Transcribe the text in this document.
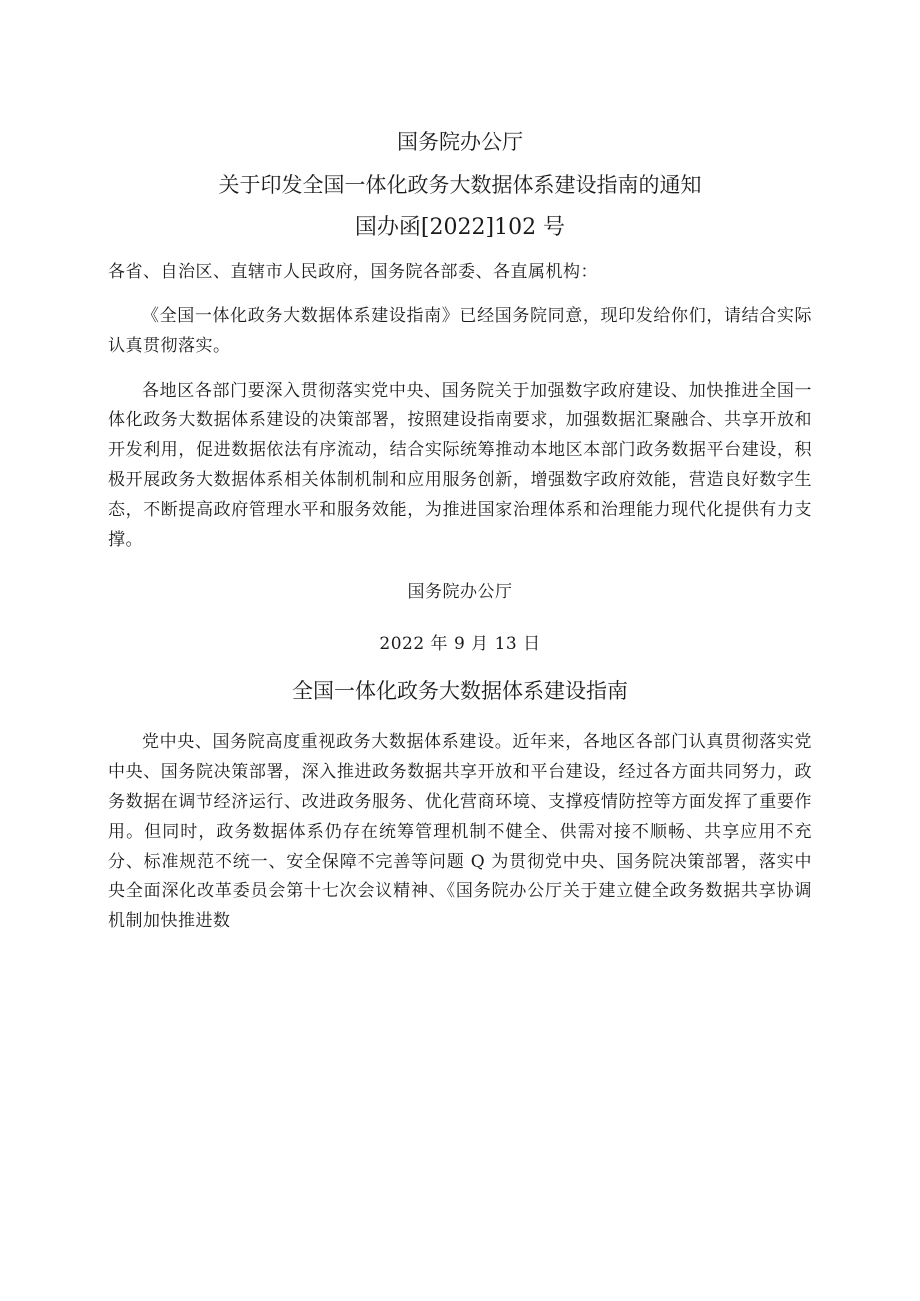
国务院办公厅
关于印发全国一体化政务大数据体系建设指南的通知
国办函[2022]102 号

各省、自治区、直辖市人民政府，国务院各部委、各直属机构：

《全国一体化政务大数据体系建设指南》已经国务院同意，现印发给你们，请结合实际认真贯彻落实。

各地区各部门要深入贯彻落实党中央、国务院关于加强数字政府建设、加快推进全国一体化政务大数据体系建设的决策部署，按照建设指南要求，加强数据汇聚融合、共享开放和开发利用，促进数据依法有序流动，结合实际统筹推动本地区本部门政务数据平台建设，积极开展政务大数据体系相关体制机制和应用服务创新，增强数字政府效能，营造良好数字生态，不断提高政府管理水平和服务效能，为推进国家治理体系和治理能力现代化提供有力支撑。

国务院办公厅

2022 年 9 月 13 日

全国一体化政务大数据体系建设指南

党中央、国务院高度重视政务大数据体系建设。近年来，各地区各部门认真贯彻落实党中央、国务院决策部署，深入推进政务数据共享开放和平台建设，经过各方面共同努力，政务数据在调节经济运行、改进政务服务、优化营商环境、支撑疫情防控等方面发挥了重要作用。但同时，政务数据体系仍存在统筹管理机制不健全、供需对接不顺畅、共享应用不充分、标准规范不统一、安全保障不完善等问题 Q 为贯彻党中央、国务院决策部署，落实中央全面深化改革委员会第十七次会议精神、《国务院办公厅关于建立健全政务数据共享协调机制加快推进数
